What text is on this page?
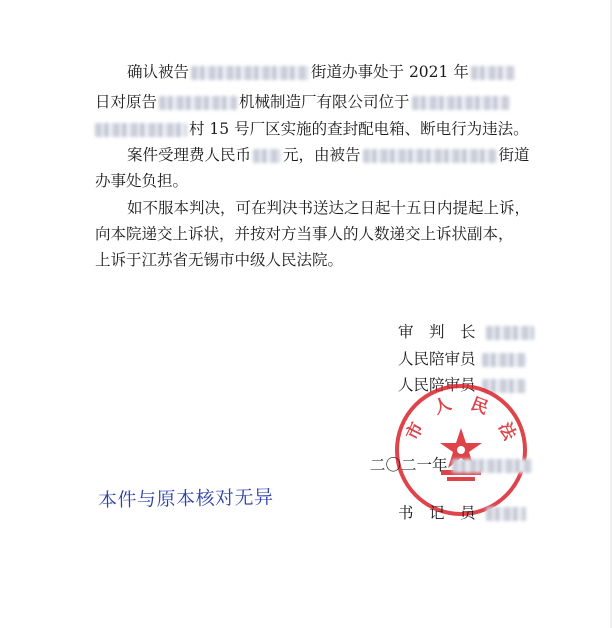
确认被告	街道办事处于 2021 年
日对原告	机械制造厂有限公司位于
村 15 号厂区实施的查封配电箱、断电行为违法。
案件受理费人民币 元，由被告	街道
办事处负担。
如不服本判决，可在判决书送达之日起十五日内提起上诉，
向本院递交上诉状，并按对方当事人的人数递交上诉状副本，
上诉于江苏省无锡市中级人民法院。
审　判　长
人民陪审员
人民陪审员
市　人　民　法
二〇二一年
本件与原本核对无异
书　记　员
